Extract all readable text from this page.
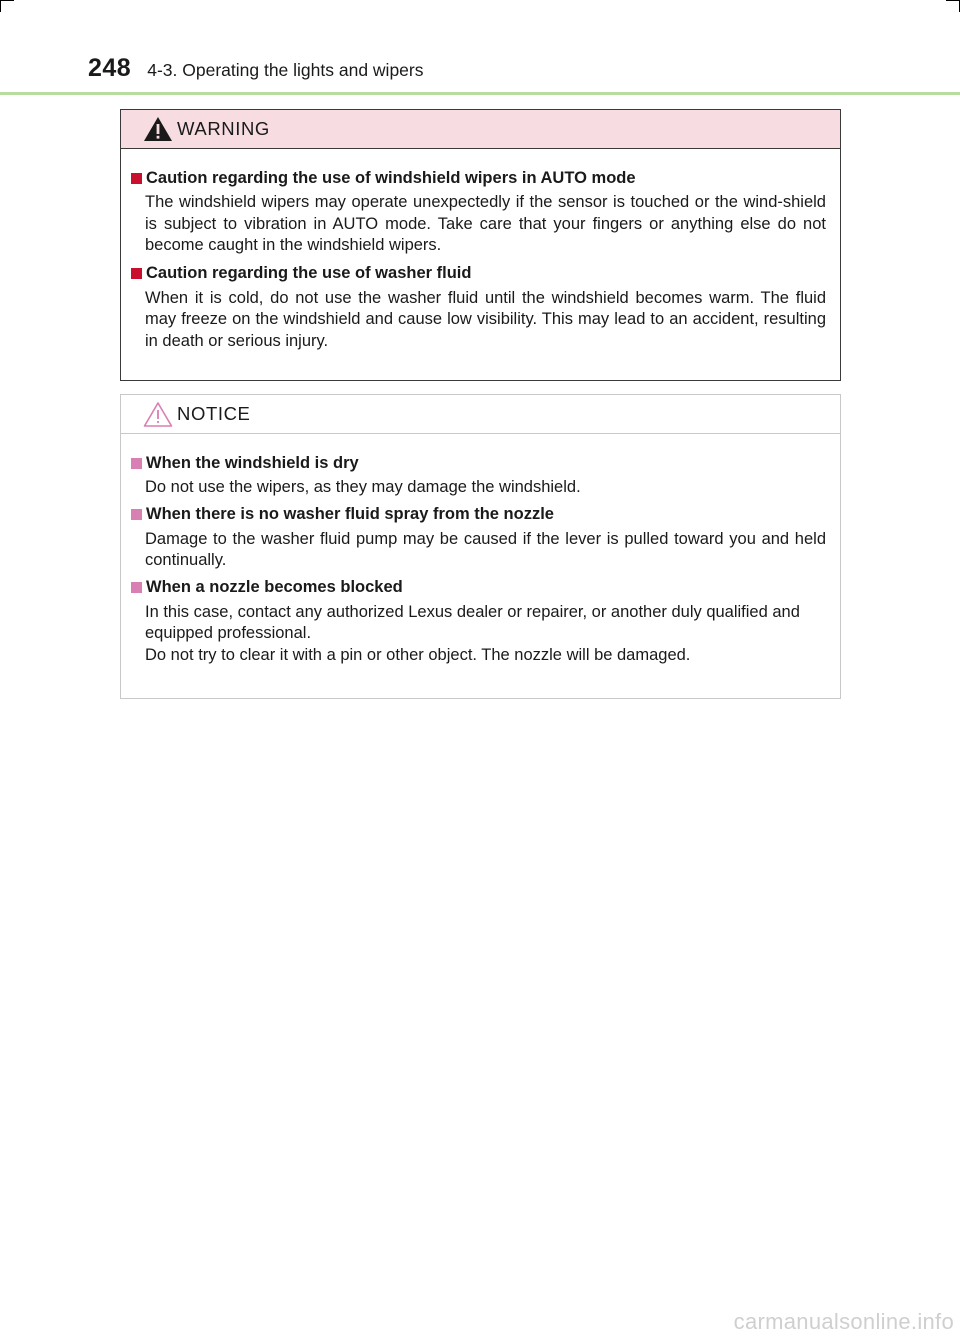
248 4-3. Operating the lights and wipers
WARNING
Caution regarding the use of windshield wipers in AUTO mode

The windshield wipers may operate unexpectedly if the sensor is touched or the wind-shield is subject to vibration in AUTO mode. Take care that your fingers or anything else do not become caught in the windshield wipers.

Caution regarding the use of washer fluid

When it is cold, do not use the washer fluid until the windshield becomes warm. The fluid may freeze on the windshield and cause low visibility. This may lead to an accident, resulting in death or serious injury.

NOTICE
When the windshield is dry

Do not use the wipers, as they may damage the windshield.

When there is no washer fluid spray from the nozzle

Damage to the washer fluid pump may be caused if the lever is pulled toward you and held continually.

When a nozzle becomes blocked

In this case, contact any authorized Lexus dealer or repairer, or another duly qualified and equipped professional.

Do not try to clear it with a pin or other object. The nozzle will be damaged.

carmanualsonline.info
